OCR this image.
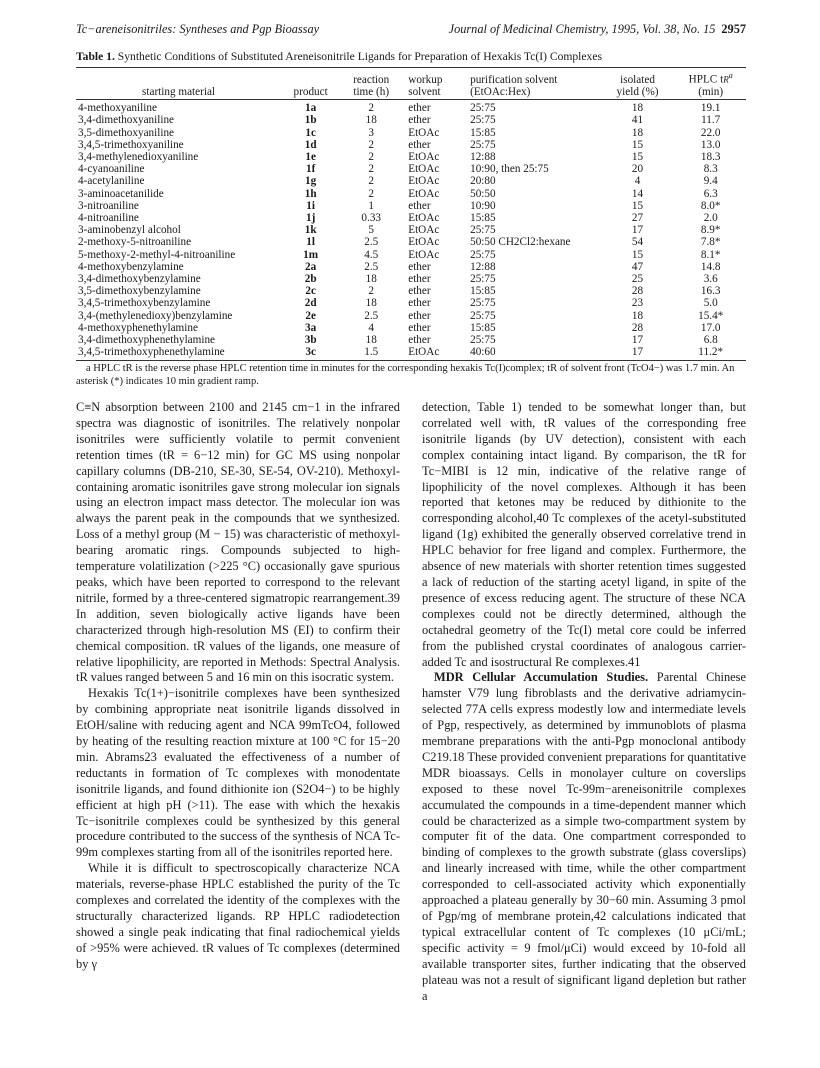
Tc−areneisonitriles: Syntheses and Pgp Bioassay	Journal of Medicinal Chemistry, 1995, Vol. 38, No. 15 2957
Table 1. Synthetic Conditions of Substituted Areneisonitrile Ligands for Preparation of Hexakis Tc(I) Complexes
		reaction	workup	purification solvent	isolated	HPLC $tR^a$
starting material	product	time (h)	solvent	(EtOAc:Hex)	yield (%)	(min)
4-methoxyaniline	1a	2	ether	25:75	18	19.1
3,4-dimethoxyaniline	1b	18	ether	25:75	41	11.7
3,5-dimethoxyaniline	1c	3	EtOAc	15:85	18	22.0
3,4,5-trimethoxyaniline	1d	2	ether	25:75	15	13.0
3,4-methylenedioxyaniline	1e	2	EtOAc	12:88	15	18.3
4-cyanoaniline	1f	2	EtOAc	10:90, then 25:75	20	8.3
4-acetylaniline	1g	2	EtOAc	20:80	4	9.4
3-aminoacetanilide	1h	2	EtOAc	50:50	14	6.3
3-nitroaniline	1i	1	ether	10:90	15	8.0*
4-nitroaniline	1j	0.33	EtOAc	15:85	27	2.0
3-aminobenzyl alcohol	1k	5	EtOAc	25:75	17	8.9*
2-methoxy-5-nitroaniline	1l	2.5	EtOAc	50:50 CH2Cl2:hexane	54	7.8*
5-methoxy-2-methyl-4-nitroaniline	1m	4.5	EtOAc	25:75	15	8.1*
4-methoxybenzylamine	2a	2.5	ether	12:88	47	14.8
3,4-dimethoxybenzylamine	2b	18	ether	25:75	25	3.6
3,5-dimethoxybenzylamine	2c	2	ether	15:85	28	16.3
3,4,5-trimethoxybenzylamine	2d	18	ether	25:75	23	5.0
3,4-(methylenedioxy)benzylamine	2e	2.5	ether	25:75	18	15.4*
4-methoxyphenethylamine	3a	4	ether	15:85	28	17.0
3,4-dimethoxyphenethylamine	3b	18	ether	25:75	17	6.8
3,4,5-trimethoxyphenethylamine	3c	1.5	EtOAc	40:60	17	11.2*
a HPLC tR is the reverse phase HPLC retention time in minutes for the corresponding hexakis Tc(I)complex; tR of solvent front (TcO4−) was 1.7 min. An asterisk (*) indicates 10 min gradient ramp.

C≡N absorption between 2100 and 2145 cm−1 in the infrared spectra was diagnostic of isonitriles. The relatively nonpolar isonitriles were sufficiently volatile to permit convenient retention times (tR = 6−12 min) for GC MS using nonpolar capillary columns (DB-210, SE-30, SE-54, OV-210). Methoxyl-containing aromatic isonitriles gave strong molecular ion signals using an electron impact mass detector. The molecular ion was always the parent peak in the compounds that we synthesized. Loss of a methyl group (M − 15) was characteristic of methoxyl-bearing aromatic rings. Compounds subjected to high-temperature volatilization (>225 °C) occasionally gave spurious peaks, which have been reported to correspond to the relevant nitrile, formed by a three-centered sigmatropic rearrangement.39 In addition, seven biologically active ligands have been characterized through high-resolution MS (EI) to confirm their chemical composition. tR values of the ligands, one measure of relative lipophilicity, are reported in Methods: Spectral Analysis. tR values ranged between 5 and 16 min on this isocratic system.

Hexakis Tc(1+)−isonitrile complexes have been synthesized by combining appropriate neat isonitrile ligands dissolved in EtOH/saline with reducing agent and NCA 99mTcO4, followed by heating of the resulting reaction mixture at 100 °C for 15−20 min. Abrams23 evaluated the effectiveness of a number of reductants in formation of Tc complexes with monodentate isonitrile ligands, and found dithionite ion (S2O4−) to be highly efficient at high pH (>11). The ease with which the hexakis Tc−isonitrile complexes could be synthesized by this general procedure contributed to the success of the synthesis of NCA Tc-99m complexes starting from all of the isonitriles reported here.

While it is difficult to spectroscopically characterize NCA materials, reverse-phase HPLC established the purity of the Tc complexes and correlated the identity of the complexes with the structurally characterized ligands. RP HPLC radiodetection showed a single peak indicating that final radiochemical yields of >95% were achieved. tR values of Tc complexes (determined by γ

detection, Table 1) tended to be somewhat longer than, but correlated well with, tR values of the corresponding free isonitrile ligands (by UV detection), consistent with each complex containing intact ligand. By comparison, the tR for Tc−MIBI is 12 min, indicative of the relative range of lipophilicity of the novel complexes. Although it has been reported that ketones may be reduced by dithionite to the corresponding alcohol,40 Tc complexes of the acetyl-substituted ligand (1g) exhibited the generally observed correlative trend in HPLC behavior for free ligand and complex. Furthermore, the absence of new materials with shorter retention times suggested a lack of reduction of the starting acetyl ligand, in spite of the presence of excess reducing agent. The structure of these NCA complexes could not be directly determined, although the octahedral geometry of the Tc(I) metal core could be inferred from the published crystal coordinates of analogous carrier-added Tc and isostructural Re complexes.41

MDR Cellular Accumulation Studies. Parental Chinese hamster V79 lung fibroblasts and the derivative adriamycin-selected 77A cells express modestly low and intermediate levels of Pgp, respectively, as determined by immunoblots of plasma membrane preparations with the anti-Pgp monoclonal antibody C219.18 These provided convenient preparations for quantitative MDR bioassays. Cells in monolayer culture on coverslips exposed to these novel Tc-99m−areneisonitrile complexes accumulated the compounds in a time-dependent manner which could be characterized as a simple two-compartment system by computer fit of the data. One compartment corresponded to binding of complexes to the growth substrate (glass coverslips) and linearly increased with time, while the other compartment corresponded to cell-associated activity which exponentially approached a plateau generally by 30−60 min. Assuming 3 pmol of Pgp/mg of membrane protein,42 calculations indicated that typical extracellular content of Tc complexes (10 μCi/mL; specific activity = 9 fmol/μCi) would exceed by 10-fold all available transporter sites, further indicating that the observed plateau was not a result of significant ligand depletion but rather a
